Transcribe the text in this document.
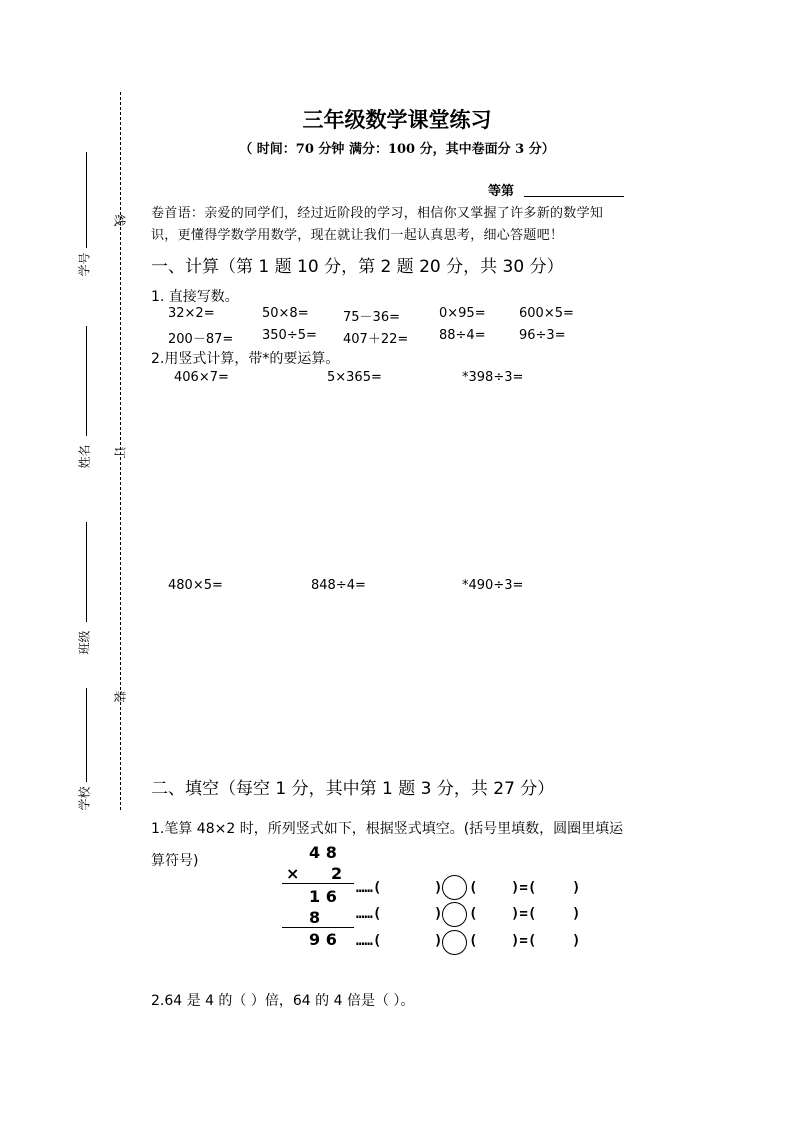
学号
姓名
班级
学校
线
订
装
三年级数学课堂练习
（ 时间：70 分钟 满分：100 分，其中卷面分 3 分）
等第
卷首语：亲爱的同学们，经过近阶段的学习，相信你又掌握了许多新的数学知
识，更懂得学数学用数学，现在就让我们一起认真思考，细心答题吧！
一、计算（第 1 题 10 分，第 2 题 20 分，共 30 分）
1. 直接写数。
32×2=	50×8=	75－36=	0×95=	600×5=
200－87= 350÷5= 407＋22= 88÷4=	96÷3=
2.用竖式计算，带*的要运算。
406×7=	5×365=	*398÷3=
480×5=	848÷4=	*490÷3=
二、填空（每空 1 分，其中第 1 题 3 分，共 27 分）
1.笔算 48×2 时，所列竖式如下，根据竖式填空。(括号里填数，圆圈里填运
算符号)	4 8
× 2
1 6
8
9 6
……(	) ( )=(	)
……(	) ( )=(	)
……(	) ( )=(	)
2.64 是 4 的（ ）倍，64 的 4 倍是（ ）。
